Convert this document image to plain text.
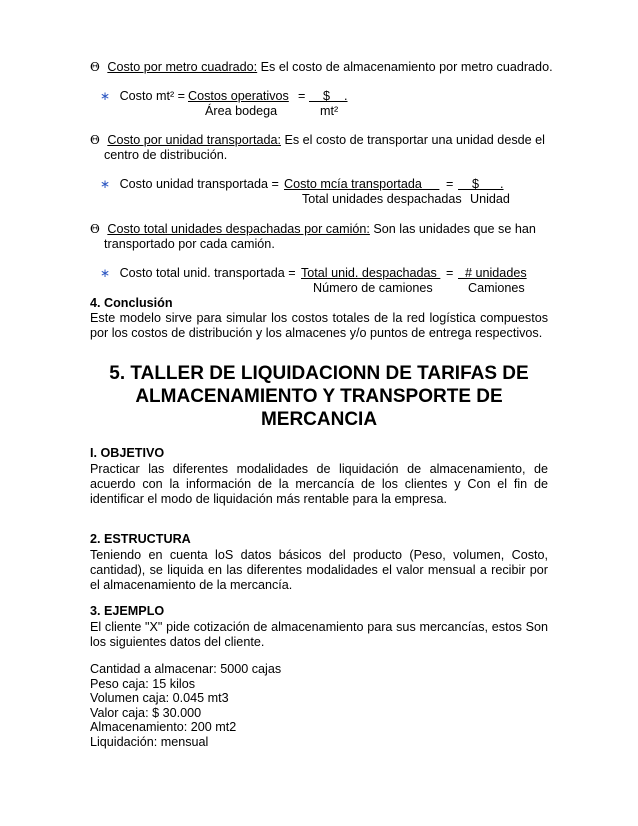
Θ Costo por metro cuadrado: Es el costo de almacenamiento por metro cuadrado.
∗ Costo mt² = Costos operativos = $    .
Área bodega	mt²
Θ Costo por unidad transportada: Es el costo de transportar una unidad desde el
centro de distribución.
∗ Costo unidad transportada = Costo mcía transportada = $      .
Total unidades despachadas Unidad
Θ Costo total unidades despachadas por camión: Son las unidades que se han
transportado por cada camión.
∗ Costo total unid. transportada = Total unid. despachadas = # unidades
Número de camiones	Camiones
4. Conclusión
Este modelo sirve para simular los costos totales de la red logística compuestos por los costos de distribución y los almacenes y/o puntos de entrega respectivos.
5. TALLER DE LIQUIDACIONN DE TARIFAS DE
ALMACENAMIENTO Y TRANSPORTE DE
MERCANCIA
I. OBJETIVO
Practicar las diferentes modalidades de liquidación de almacenamiento, de acuerdo con la información de la mercancía de los clientes y Con el fin de identificar el modo de liquidación más rentable para la empresa.
2. ESTRUCTURA
Teniendo en cuenta loS datos básicos del producto (Peso, volumen, Costo, cantidad), se liquida en las diferentes modalidades el valor mensual a recibir por el almacenamiento de la mercancía.
3. EJEMPLO
El cliente "X" pide cotización de almacenamiento para sus mercancías, estos Son los siguientes datos del cliente.
Cantidad a almacenar: 5000 cajas
Peso caja: 15 kilos
Volumen caja: 0.045 mt3
Valor caja: $ 30.000
Almacenamiento: 200 mt2
Liquidación: mensual
